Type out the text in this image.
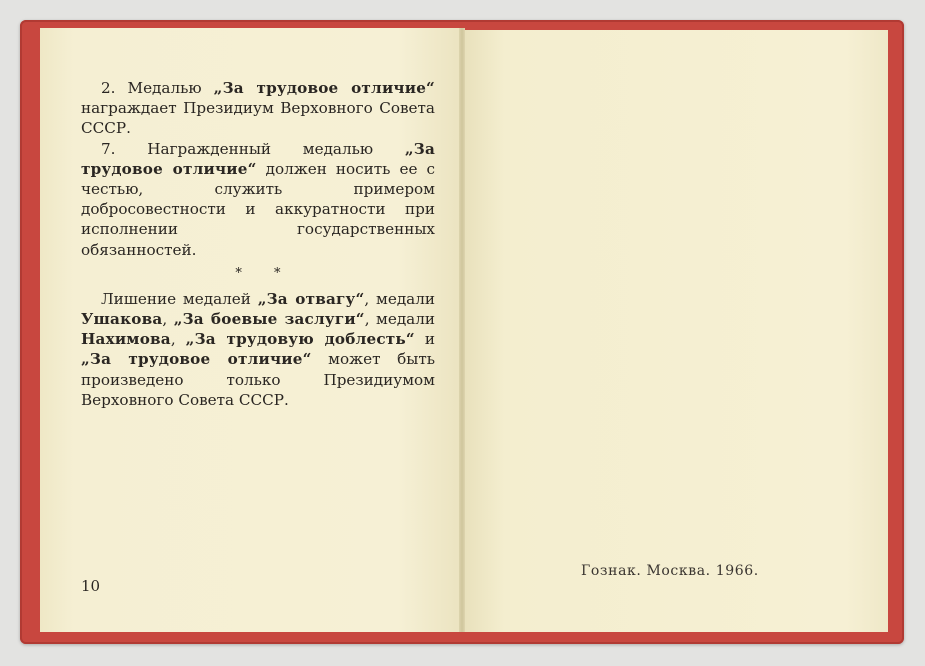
2. Медалью „За трудовое отличие“ награждает Президиум Верховного Совета СССР.

7. Награжденный медалью „За трудовое отличие“ должен носить ее с честью, служить примером добросовестности и аккуратности при исполнении государственных обязанностей.

* *

Лишение медалей „За отвагу“, медали Ушакова, „За боевые заслуги“, медали Нахимова, „За трудовую доблесть“ и „За трудовое отличие“ может быть произведено только Президиумом Верховного Совета СССР.

10
Гознак. Москва. 1966.
